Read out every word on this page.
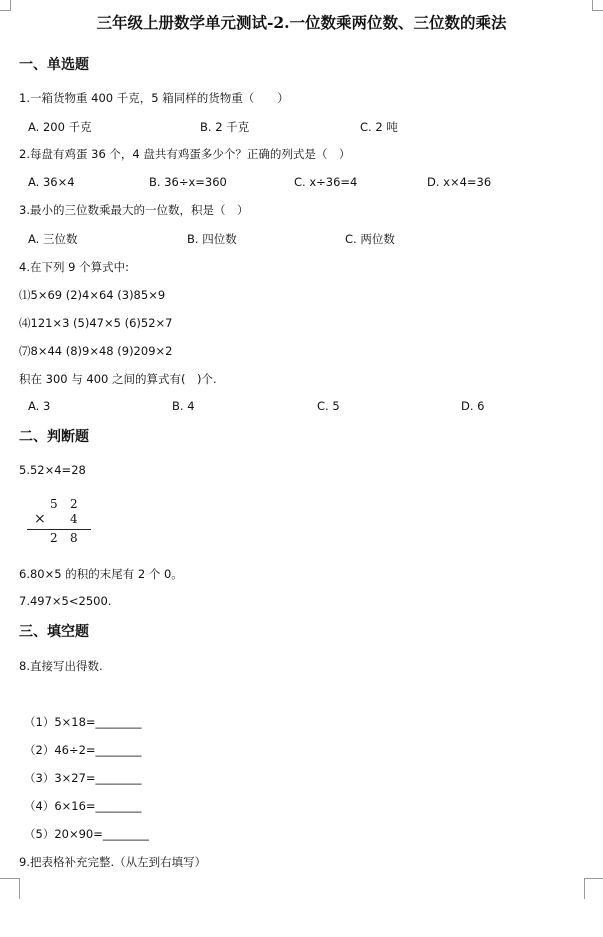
三年级上册数学单元测试-2.一位数乘两位数、三位数的乘法
一、单选题
1.一箱货物重 400 千克，5 箱同样的货物重（　　）
A. 200 千克	B. 2 千克	C. 2 吨
2.每盘有鸡蛋 36 个，4 盘共有鸡蛋多少个？正确的列式是（　）
A. 36×4	B. 36÷x=360	C. x÷36=4	D. x×4=36
3.最小的三位数乘最大的一位数，积是（　）
A. 三位数	B. 四位数	C. 两位数
4.在下列 9 个算式中:
⑴5×69 (2)4×64 (3)85×9
⑷121×3 (5)47×5 (6)52×7
⑺8×44 (8)9×48 (9)209×2
积在 300 与 400 之间的算式有(　)个.
A. 3	B. 4	C. 5	D. 6
二、判断题
5.52×4=28
5 2
× 4
2 8
6.80×5 的积的末尾有 2 个 0。
7.497×5<2500.
三、填空题
8.直接写出得数.
（1）5×18=________
（2）46÷2=________
（3）3×27=________
（4）6×16=________
（5）20×90=________
9.把表格补充完整.（从左到右填写）
